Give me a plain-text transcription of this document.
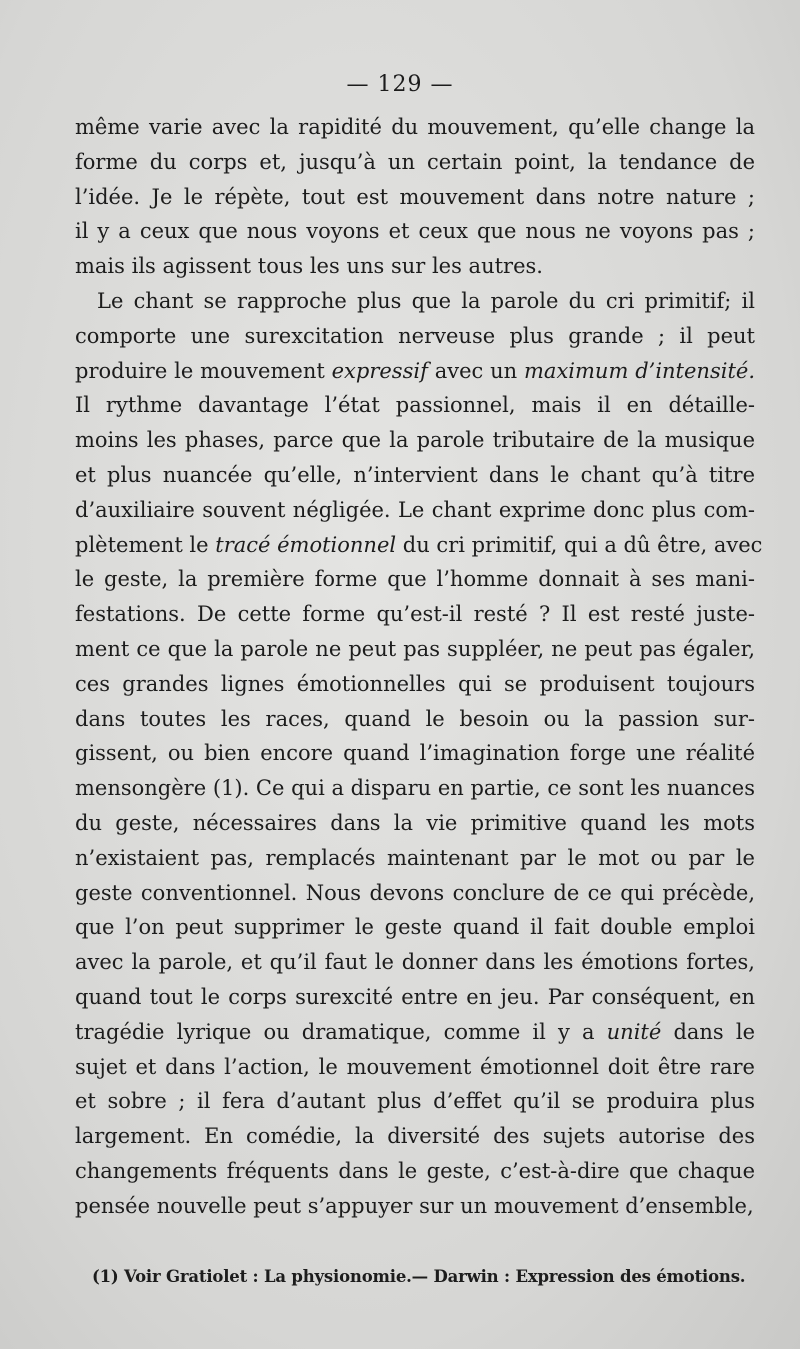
— 129 —
même varie avec la rapidité du mouvement, qu’elle change la
forme du corps et, jusqu’à un certain point, la tendance de
l’idée. Je le répète, tout est mouvement dans notre nature ;
il y a ceux que nous voyons et ceux que nous ne voyons pas ;
mais ils agissent tous les uns sur les autres.
Le chant se rapproche plus que la parole du cri primitif; il
comporte une surexcitation nerveuse plus grande ; il peut
produire le mouvement expressif avec un maximum d’intensité.
Il rythme davantage l’état passionnel, mais il en détaille-
moins les phases, parce que la parole tributaire de la musique
et plus nuancée qu’elle, n’intervient dans le chant qu’à titre
d’auxiliaire souvent négligée. Le chant exprime donc plus com-
plètement le tracé émotionnel du cri primitif, qui a dû être, avec
le geste, la première forme que l’homme donnait à ses mani-
festations. De cette forme qu’est-il resté ? Il est resté juste-
ment ce que la parole ne peut pas suppléer, ne peut pas égaler,
ces grandes lignes émotionnelles qui se produisent toujours
dans toutes les races, quand le besoin ou la passion sur-
gissent, ou bien encore quand l’imagination forge une réalité
mensongère (1). Ce qui a disparu en partie, ce sont les nuances
du geste, nécessaires dans la vie primitive quand les mots
n’existaient pas, remplacés maintenant par le mot ou par le
geste conventionnel. Nous devons conclure de ce qui précède,
que l’on peut supprimer le geste quand il fait double emploi
avec la parole, et qu’il faut le donner dans les émotions fortes,
quand tout le corps surexcité entre en jeu. Par conséquent, en
tragédie lyrique ou dramatique, comme il y a unité dans le
sujet et dans l’action, le mouvement émotionnel doit être rare
et sobre ; il fera d’autant plus d’effet qu’il se produira plus
largement. En comédie, la diversité des sujets autorise des
changements fréquents dans le geste, c’est-à-dire que chaque
pensée nouvelle peut s’appuyer sur un mouvement d’ensemble,
(1) Voir Gratiolet : La physionomie.— Darwin : Expression des émotions.
